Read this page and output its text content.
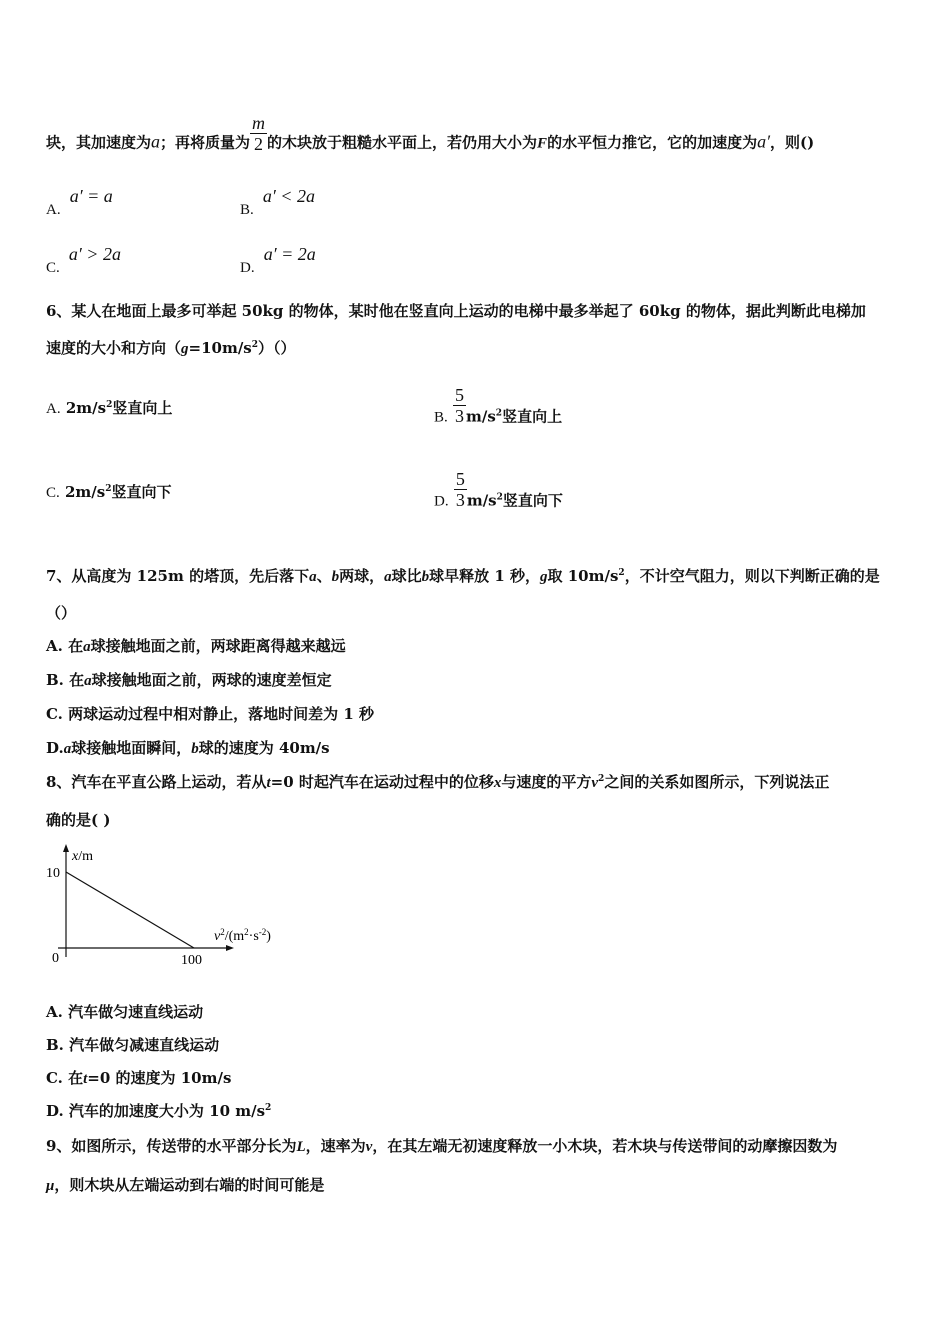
块，其加速度为a；再将质量为 $\frac{m}{2}$ 的木块放于粗糙水平面上，若仍用大小为F的水平恒力推它，它的加速度为a′，则()
A. a′ = a
B. a′ < 2a
C. a′ > 2a
D. a′ = 2a
6、某人在地面上最多可举起 50kg 的物体，某时他在竖直向上运动的电梯中最多举起了 60kg 的物体，据此判断此电梯加
速度的大小和方向$(g=10m/s^2)()$
A. $2m/s^2$竖直向上
B. $\frac{5}{3} m/s^2$竖直向上
C. $2m/s^2$竖直向下
D. $\frac{5}{3} m/s^2$竖直向下
7、从高度为 125m 的塔顶，先后落下a、b两球，a球比b球早释放 1 秒，g取 $10m/s^2$，不计空气阻力，则以下判断正确的是
（）
A. 在a球接触地面之前，两球距离得越来越远
B. 在a球接触地面之前，两球的速度差恒定
C. 两球运动过程中相对静止，落地时间差为 1 秒
D.a球接触地面瞬间，b球的速度为 40m/s
8、汽车在平直公路上运动，若从t=0 时起汽车在运动过程中的位移x与速度的平方$v^2$之间的关系如图所示，下列说法正
确的是( )
x/m
10
0	100
$v^2/(m^2\cdot s^{-2})$
A. 汽车做匀速直线运动
B. 汽车做匀减速直线运动
C. 在t=0 的速度为 10m/s
D. 汽车的加速度大小为 10 $m/s^2$
9、如图所示，传送带的水平部分长为L，速率为v，在其左端无初速度释放一小木块，若木块与传送带间的动摩擦因数为
μ，则木块从左端运动到右端的时间可能是
